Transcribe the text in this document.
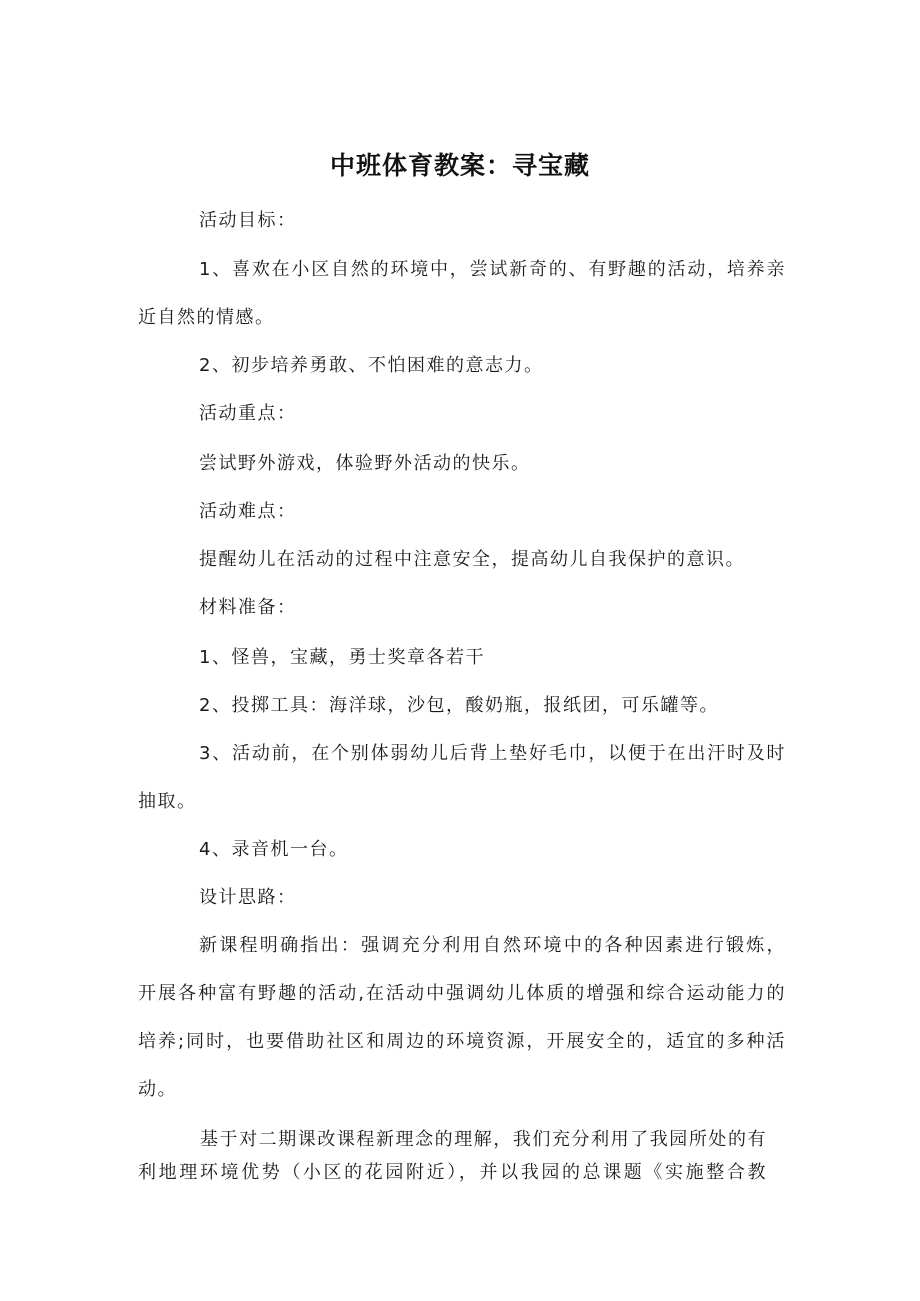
中班体育教案：寻宝藏
活动目标：
1、喜欢在小区自然的环境中，尝试新奇的、有野趣的活动，培养亲
近自然的情感。
2、初步培养勇敢、不怕困难的意志力。
活动重点：
尝试野外游戏，体验野外活动的快乐。
活动难点：
提醒幼儿在活动的过程中注意安全，提高幼儿自我保护的意识。
材料准备：
1、怪兽，宝藏，勇士奖章各若干
2、投掷工具：海洋球，沙包，酸奶瓶，报纸团，可乐罐等。
3、活动前，在个别体弱幼儿后背上垫好毛巾，以便于在出汗时及时
抽取。
4、录音机一台。
设计思路：
新课程明确指出：强调充分利用自然环境中的各种因素进行锻炼，
开展各种富有野趣的活动,在活动中强调幼儿体质的增强和综合运动能力的
培养;同时，也要借助社区和周边的环境资源，开展安全的，适宜的多种活
动。
基于对二期课改课程新理念的理解，我们充分利用了我园所处的有
利地理环境优势（小区的花园附近），并以我园的总课题《实施整合教
